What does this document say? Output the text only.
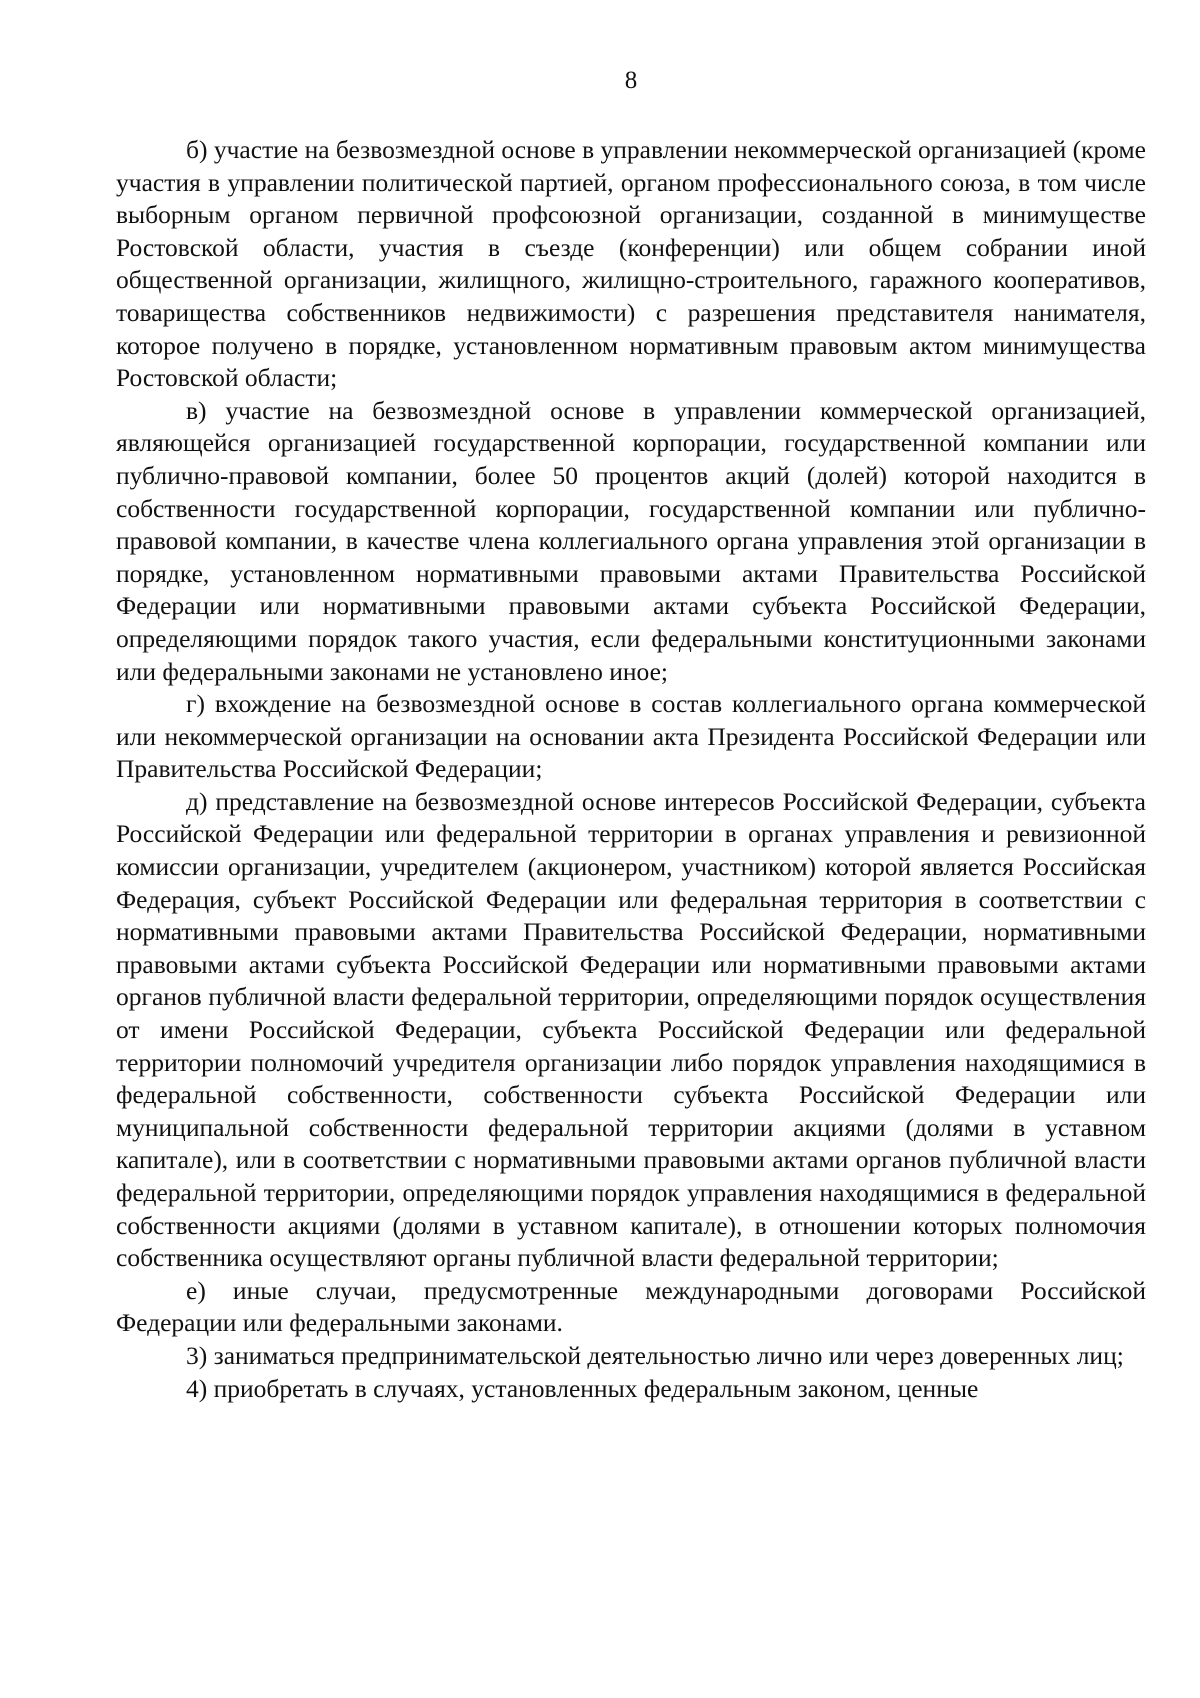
8

б) участие на безвозмездной основе в управлении некоммерческой организацией (кроме участия в управлении политической партией, органом профессионального союза, в том числе выборным органом первичной профсоюзной организации, созданной в минимуществе Ростовской области, участия в съезде (конференции) или общем собрании иной общественной организации, жилищного, жилищно-строительного, гаражного кооперативов, товарищества собственников недвижимости) с разрешения представителя нанимателя, которое получено в порядке, установленном нормативным правовым актом минимущества Ростовской области;

в) участие на безвозмездной основе в управлении коммерческой организацией, являющейся организацией государственной корпорации, государственной компании или публично-правовой компании, более 50 процентов акций (долей) которой находится в собственности государственной корпорации, государственной компании или публично-правовой компании, в качестве члена коллегиального органа управления этой организации в порядке, установленном нормативными правовыми актами Правительства Российской Федерации или нормативными правовыми актами субъекта Российской Федерации, определяющими порядок такого участия, если федеральными конституционными законами или федеральными законами не установлено иное;

г) вхождение на безвозмездной основе в состав коллегиального органа коммерческой или некоммерческой организации на основании акта Президента Российской Федерации или Правительства Российской Федерации;

д) представление на безвозмездной основе интересов Российской Федерации, субъекта Российской Федерации или федеральной территории в органах управления и ревизионной комиссии организации, учредителем (акционером, участником) которой является Российская Федерация, субъект Российской Федерации или федеральная территория в соответствии с нормативными правовыми актами Правительства Российской Федерации, нормативными правовыми актами субъекта Российской Федерации или нормативными правовыми актами органов публичной власти федеральной территории, определяющими порядок осуществления от имени Российской Федерации, субъекта Российской Федерации или федеральной территории полномочий учредителя организации либо порядок управления находящимися в федеральной собственности, собственности субъекта Российской Федерации или муниципальной собственности федеральной территории акциями (долями в уставном капитале), или в соответствии с нормативными правовыми актами органов публичной власти федеральной территории, определяющими порядок управления находящимися в федеральной собственности акциями (долями в уставном капитале), в отношении которых полномочия собственника осуществляют органы публичной власти федеральной территории;

е) иные случаи, предусмотренные международными договорами Российской Федерации или федеральными законами.

3) заниматься предпринимательской деятельностью лично или через доверенных лиц;

4) приобретать в случаях, установленных федеральным законом, ценные
